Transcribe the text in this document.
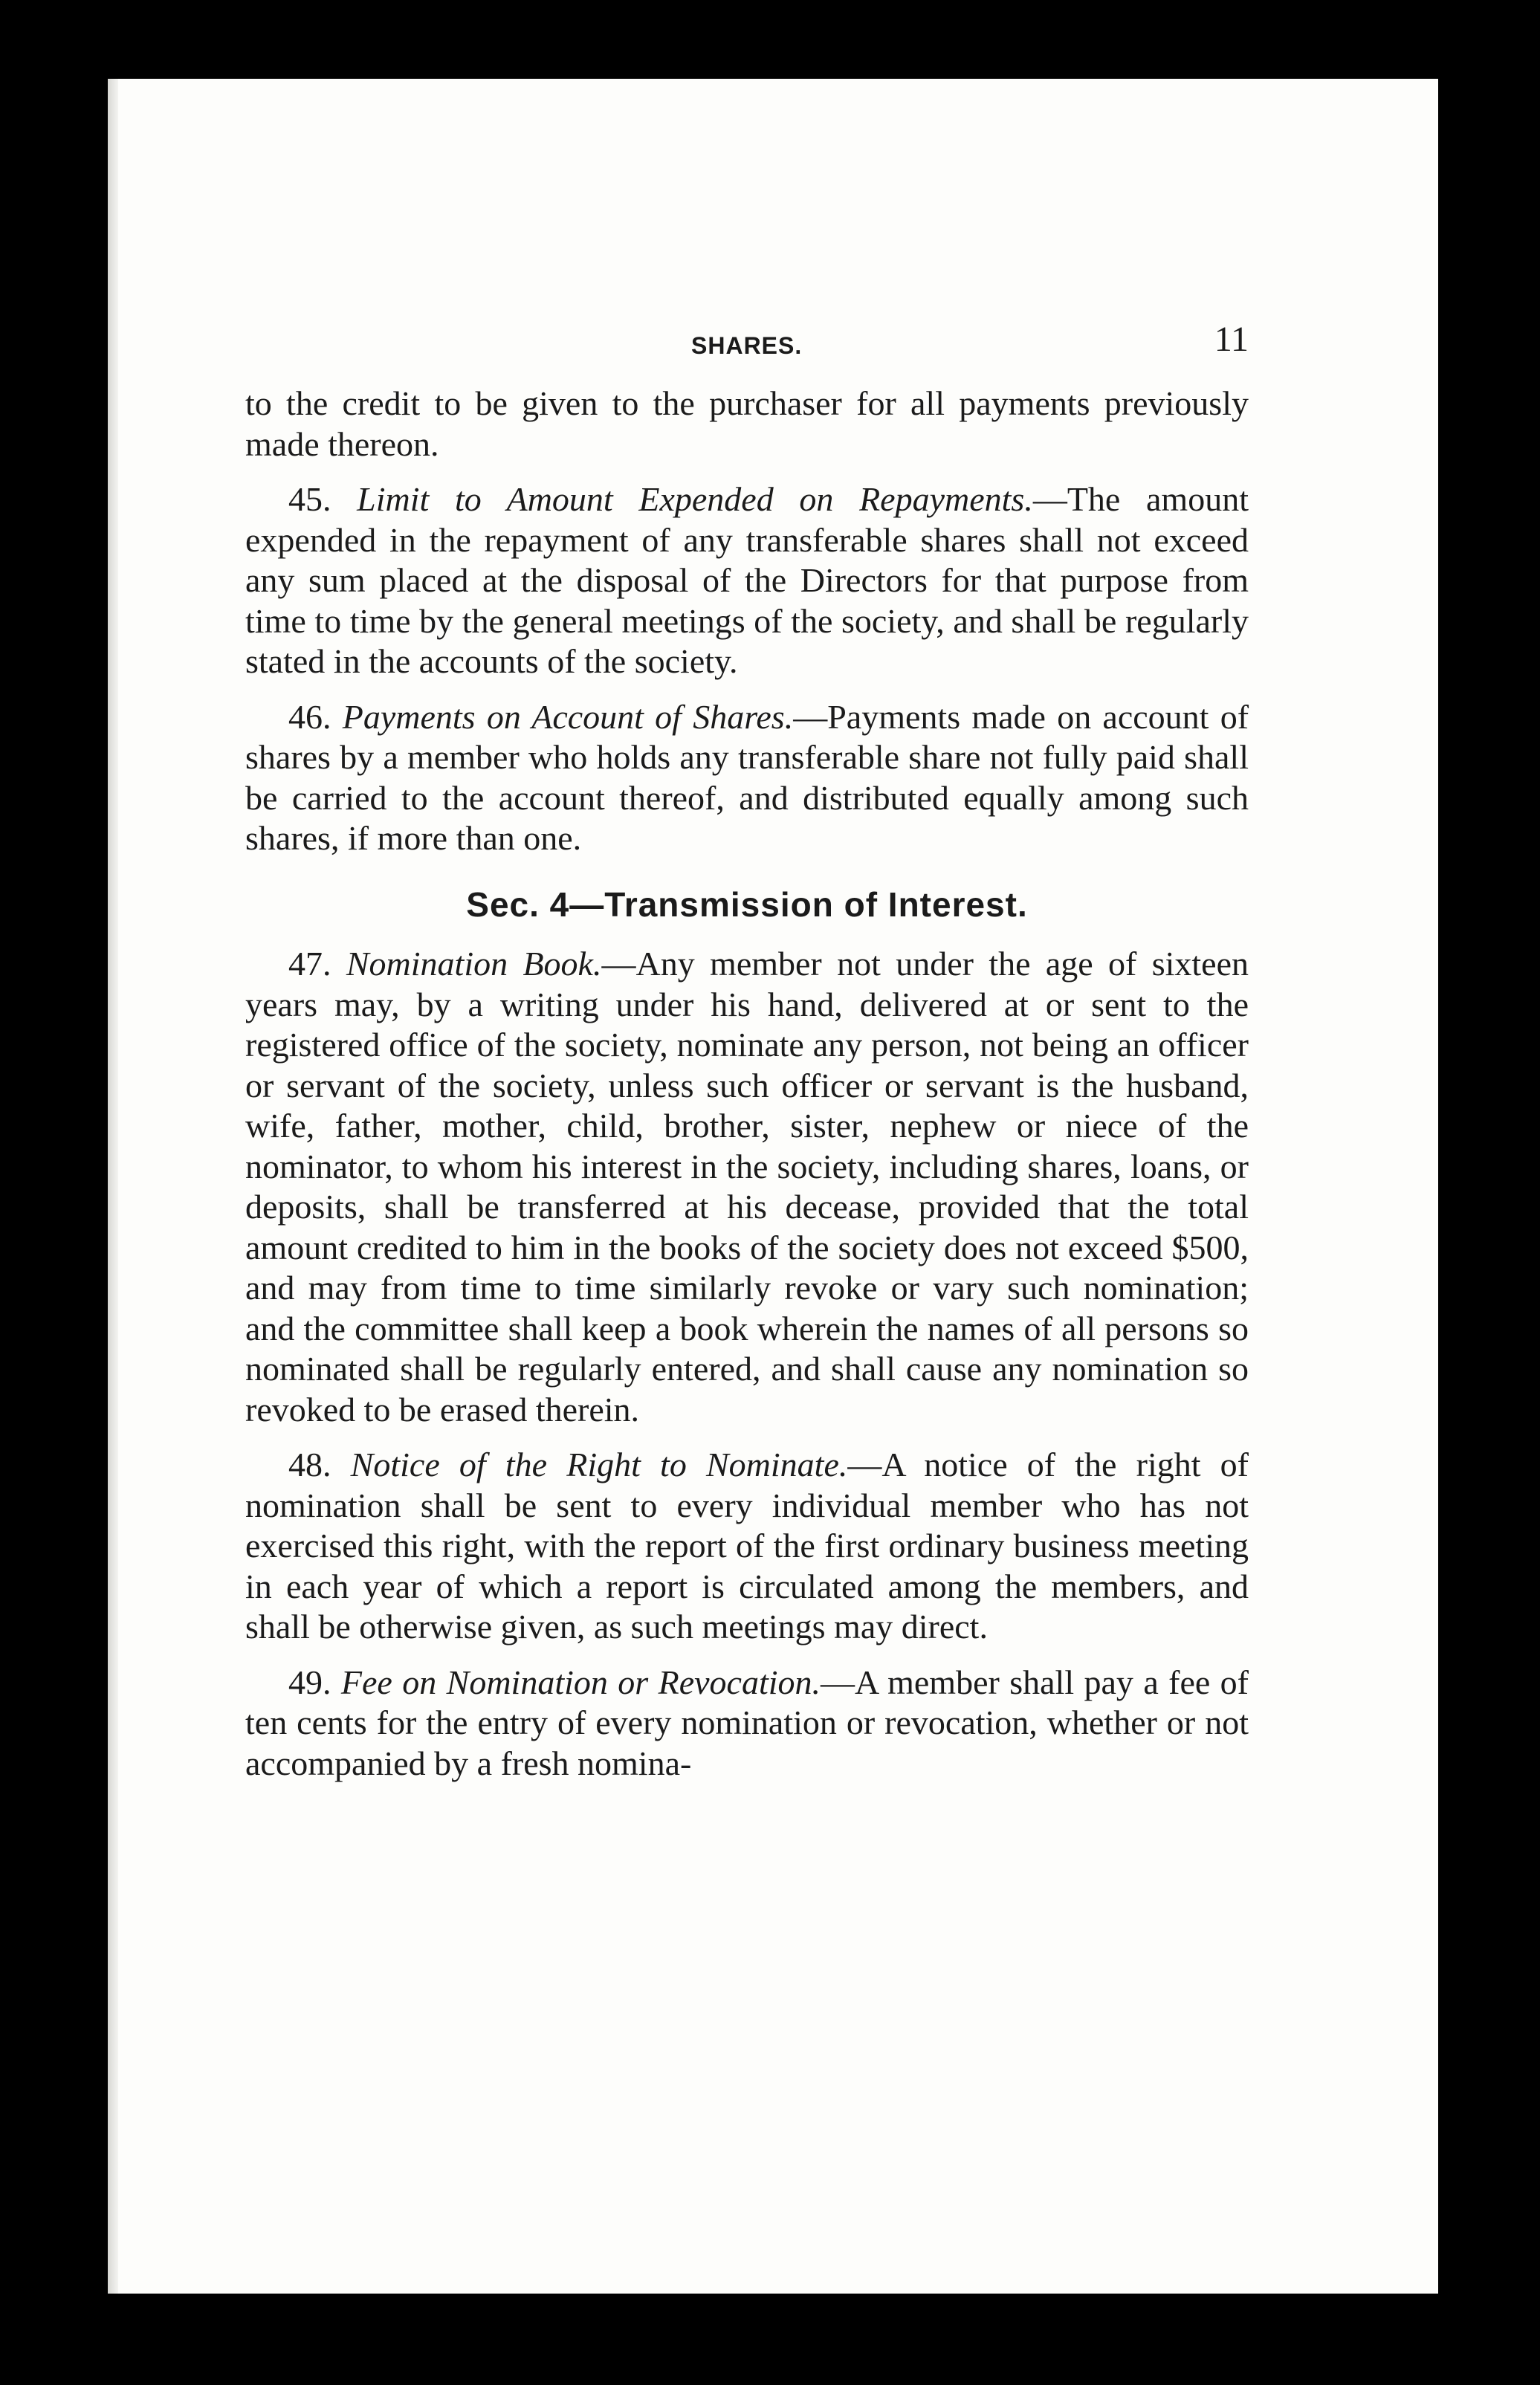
SHARES.	11

to the credit to be given to the purchaser for all payments previously made thereon.

45. Limit to Amount Expended on Repayments.—The amount expended in the repayment of any transferable shares shall not exceed any sum placed at the disposal of the Directors for that purpose from time to time by the general meetings of the society, and shall be regularly stated in the accounts of the society.

46. Payments on Account of Shares.—Payments made on account of shares by a member who holds any transferable share not fully paid shall be carried to the account thereof, and distributed equally among such shares, if more than one.

Sec. 4—Transmission of Interest.

47. Nomination Book.—Any member not under the age of sixteen years may, by a writing under his hand, delivered at or sent to the registered office of the society, nominate any person, not being an officer or servant of the society, unless such officer or servant is the husband, wife, father, mother, child, brother, sister, nephew or niece of the nominator, to whom his interest in the society, including shares, loans, or deposits, shall be transferred at his decease, provided that the total amount credited to him in the books of the society does not exceed $500, and may from time to time similarly revoke or vary such nomination; and the committee shall keep a book wherein the names of all persons so nominated shall be regularly entered, and shall cause any nomination so revoked to be erased therein.

48. Notice of the Right to Nominate.—A notice of the right of nomination shall be sent to every individual member who has not exercised this right, with the report of the first ordinary business meeting in each year of which a report is circulated among the members, and shall be otherwise given, as such meetings may direct.

49. Fee on Nomination or Revocation.—A member shall pay a fee of ten cents for the entry of every nomination or revocation, whether or not accompanied by a fresh nomina-
